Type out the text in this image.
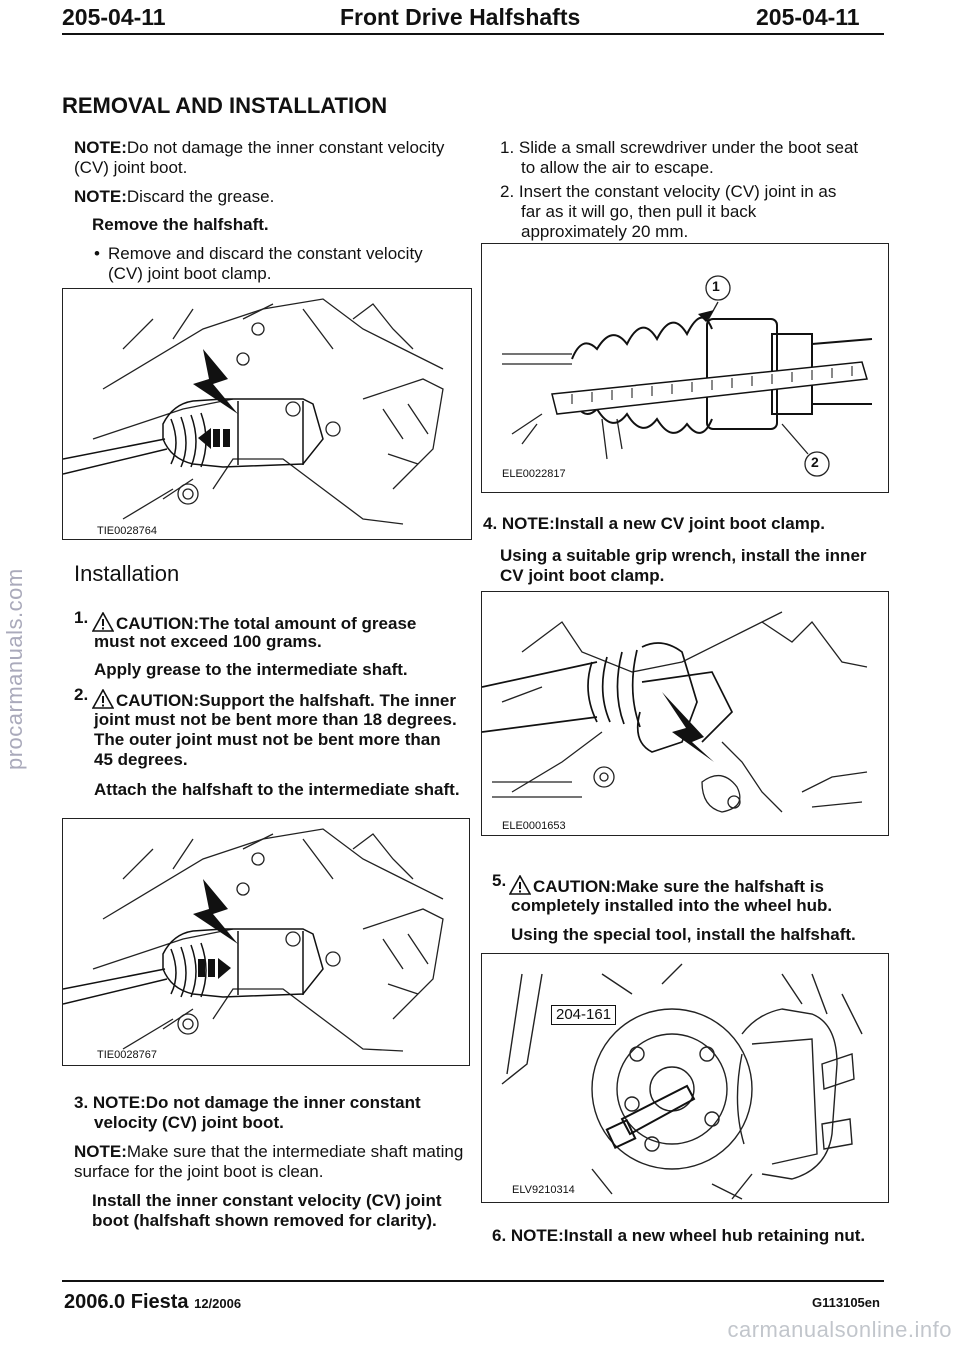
205-04-11	Front Drive Halfshafts	205-04-11
REMOVAL AND INSTALLATION
NOTE:Do not damage the inner constant velocity
(CV) joint boot.
NOTE:Discard the grease.
Remove the halfshaft.
• Remove and discard the constant velocity
(CV) joint boot clamp.
TIE0028764
Installation
1.	CAUTION:The total amount of grease
must not exceed 100 grams.
Apply grease to the intermediate shaft.
2.	CAUTION:Support the halfshaft. The inner
joint must not be bent more than 18 degrees.
The outer joint must not be bent more than
45 degrees.
Attach the halfshaft to the intermediate shaft.
TIE0028767
3. NOTE:Do not damage the inner constant
velocity (CV) joint boot.
NOTE:Make sure that the intermediate shaft mating
surface for the joint boot is clean.
Install the inner constant velocity (CV) joint
boot (halfshaft shown removed for clarity).
1. Slide a small screwdriver under the boot seat
to allow the air to escape.
2. Insert the constant velocity (CV) joint in as
far as it will go, then pull it back
approximately 20 mm.
1
2
ELE0022817
4. NOTE:Install a new CV joint boot clamp.
Using a suitable grip wrench, install the inner
CV joint boot clamp.
ELE0001653
5.	CAUTION:Make sure the halfshaft is
completely installed into the wheel hub.
Using the special tool, install the halfshaft.
204-161
ELV9210314
6. NOTE:Install a new wheel hub retaining nut.
2006.0 Fiesta 12/2006	G113105en
procarmanuals.com
carmanualsonline.info
